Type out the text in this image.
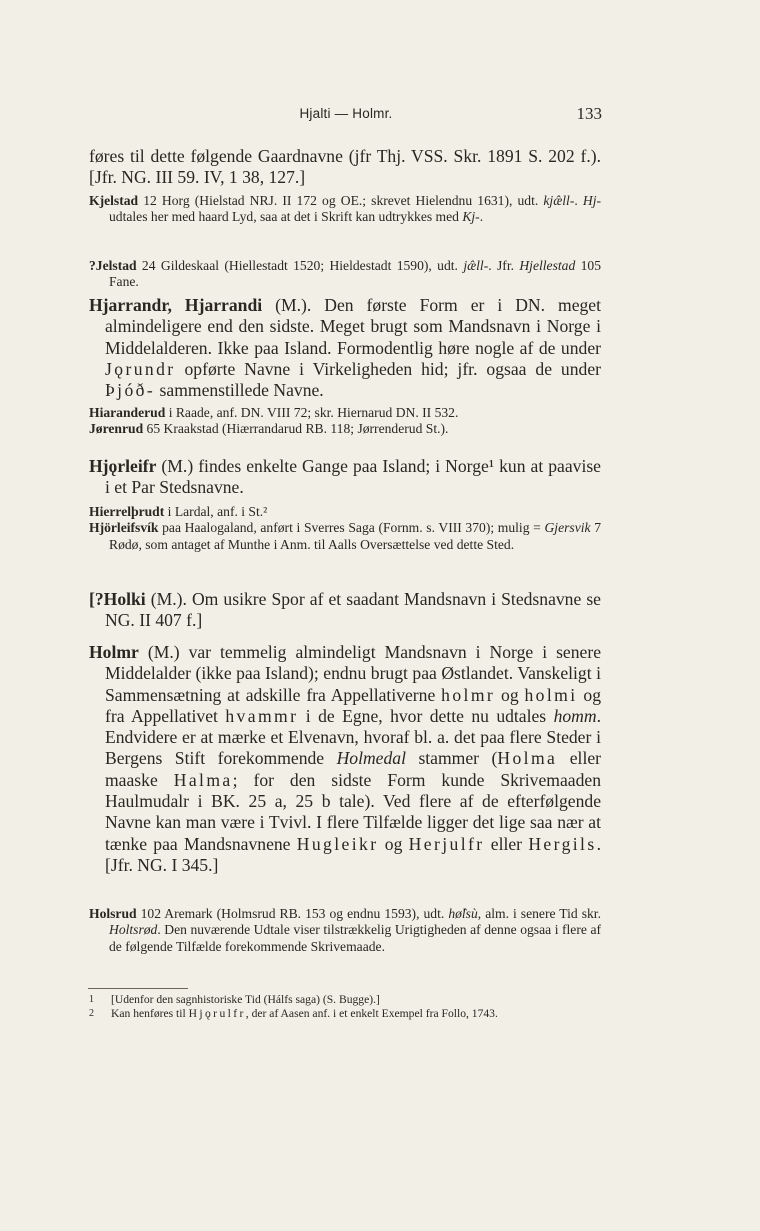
Hjalti — Holmr.	133

føres til dette følgende Gaardnavne (jfr Thj. VSS. Skr. 1891 S. 202 f.). [Jfr. NG. III 59. IV, 1 38, 127.]

Kjelstad 12 Horg (Hielstad NRJ. II 172 og OE.; skrevet Hielendnu 1631), udt. kjæ̂ll-. Hj- udtales her med haard Lyd, saa at det i Skrift kan udtrykkes med Kj-.

?Jelstad 24 Gildeskaal (Hiellestadt 1520; Hieldestadt 1590), udt. jæ̂ll-. Jfr. Hjellestad 105 Fane.

Hjarrandr, Hjarrandi (M.). Den første Form er i DN. meget almindeligere end den sidste. Meget brugt som Mandsnavn i Norge i Middelalderen. Ikke paa Island. Formodentlig høre nogle af de under Jǫrundr opførte Navne i Virkeligheden hid; jfr. ogsaa de under Þjóð- sammenstillede Navne.

Hiaranderud i Raade, anf. DN. VIII 72; skr. Hiernarud DN. II 532.

Jørenrud 65 Kraakstad (Hiærrandarud RB. 118; Jørrenderud St.).

Hjǫrleifr (M.) findes enkelte Gange paa Island; i Norge¹ kun at paavise i et Par Stedsnavne.

Hierrelþrudt i Lardal, anf. i St.²

Hjörleifsvík paa Haalogaland, anført i Sverres Saga (Fornm. s. VIII 370); mulig = Gjersvik 7 Rødø, som antaget af Munthe i Anm. til Aalls Oversættelse ved dette Sted.

[?Holki (M.). Om usikre Spor af et saadant Mandsnavn i Stedsnavne se NG. II 407 f.]

Holmr (M.) var temmelig almindeligt Mandsnavn i Norge i senere Middelalder (ikke paa Island); endnu brugt paa Østlandet. Vanskeligt i Sammensætning at adskille fra Appellativerne holmr og holmi og fra Appellativet hvammr i de Egne, hvor dette nu udtales homm. Endvidere er at mærke et Elvenavn, hvoraf bl. a. det paa flere Steder i Bergens Stift forekommende Holmedal stammer (Holma eller maaske Halma; for den sidste Form kunde Skrivemaaden Haulmudalr i BK. 25 a, 25 b tale). Ved flere af de efterfølgende Navne kan man være i Tvivl. I flere Tilfælde ligger det lige saa nær at tænke paa Mandsnavnene Hugleikr og Herjulfr eller Hergils. [Jfr. NG. I 345.]

Holsrud 102 Aremark (Holmsrud RB. 153 og endnu 1593), udt. hø̂lsù, alm. i senere Tid skr. Holtsrød. Den nuværende Udtale viser tilstrækkelig Urigtigheden af denne ogsaa i flere af de følgende Tilfælde forekommende Skrivemaade.

1	[Udenfor den sagnhistoriske Tid (Hálfs saga) (S. Bugge).]
2	Kan henføres til Hjǫrulfr, der af Aasen anf. i et enkelt Exempel fra Follo, 1743.
